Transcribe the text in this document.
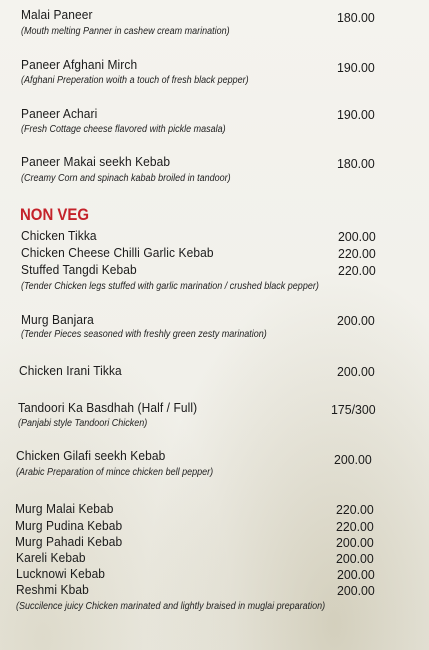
Malai Paneer
(Mouth melting Panner in cashew cream marination)
180.00
Paneer Afghani Mirch
(Afghani Preperation woith a touch of fresh black pepper)
190.00
Paneer Achari
(Fresh Cottage cheese flavored with pickle masala)
190.00
Paneer Makai seekh Kebab
(Creamy Corn and spinach kabab broiled in tandoor)
180.00
NON VEG
Chicken Tikka	200.00
Chicken Cheese Chilli Garlic Kebab	220.00
Stuffed Tangdi Kebab	220.00
(Tender Chicken legs stuffed with garlic marination / crushed black pepper)
Murg Banjara
(Tender Pieces seasoned with freshly green zesty marination)
200.00
Chicken Irani Tikka	200.00
Tandoori Ka Basdhah (Half / Full)
(Panjabi style Tandoori Chicken)
175/300
Chicken Gilafi seekh Kebab
(Arabic Preparation of mince chicken bell pepper)
200.00
Murg Malai Kebab	220.00
Murg Pudina Kebab	220.00
Murg Pahadi Kebab	200.00
Kareli Kebab	200.00
Lucknowi Kebab	200.00
Reshmi Kbab	200.00
(Succilence juicy Chicken marinated and lightly braised in muglai preparation)
